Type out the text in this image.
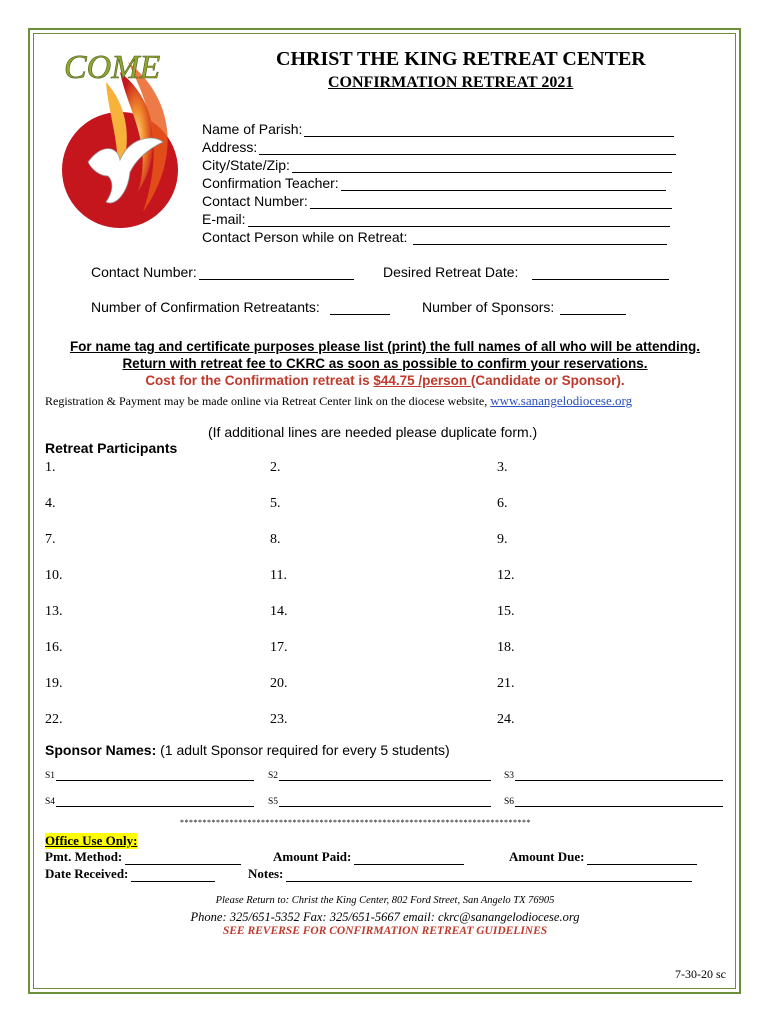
COME	CHRIST THE KING RETREAT CENTER
CONFIRMATION RETREAT 2021
Name of Parish:
Address:
City/State/Zip:
Confirmation Teacher:
Contact Number:
E-mail:
Contact Person while on Retreat:
Contact Number:	Desired Retreat Date:
Number of Confirmation Retreatants:	Number of Sponsors:
For name tag and certificate purposes please list (print) the full names of all who will be attending.
Return with retreat fee to CKRC as soon as possible to confirm your reservations.
Cost for the Confirmation retreat is $44.75 /person (Candidate or Sponsor).
Registration & Payment may be made online via Retreat Center link on the diocese website, www.sanangelodiocese.org
(If additional lines are needed please duplicate form.)
Retreat Participants
1.	2.	3.
4.	5.	6.
7.	8.	9.
10.	11.	12.
13.	14.	15.
16.	17.	18.
19.	20.	21.
22.	23.	24.
Sponsor Names: (1 adult Sponsor required for every 5 students)
S1	S2	S3
S4	S5	S6
******************************************************************************
Office Use Only:
Pmt. Method:	Amount Paid:	Amount Due:
Date Received:	Notes:
Please Return to: Christ the King Center, 802 Ford Street, San Angelo TX 76905
Phone: 325/651-5352 Fax: 325/651-5667 email: ckrc@sanangelodiocese.org
SEE REVERSE FOR CONFIRMATION RETREAT GUIDELINES
7-30-20 sc
